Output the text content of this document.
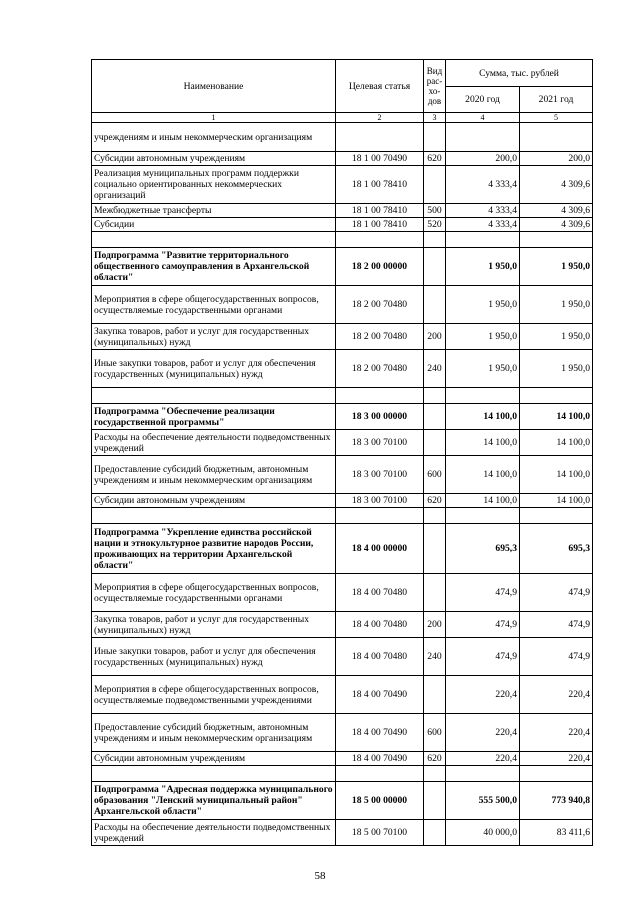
Наименование	Целевая статья	Вид рас-хо-дов	Сумма, тыс. рублей	
			2020 год	2021 год
1	2	3	4	5
учреждениям и иным некоммерческим организациям				
Субсидии автономным учреждениям	18 1 00 70490	620	200,0	200,0
Реализация муниципальных программ поддержки социально ориентированных некоммерческих организаций	18 1 00 78410		4 333,4	4 309,6
Межбюджетные трансферты	18 1 00 78410	500	4 333,4	4 309,6
Субсидии	18 1 00 78410	520	4 333,4	4 309,6

Подпрограмма "Развитие территориального общественного самоуправления в Архангельской области"	18 2 00 00000		1 950,0	1 950,0
Мероприятия в сфере общегосударственных вопросов, осуществляемые государственными органами	18 2 00 70480		1 950,0	1 950,0
Закупка товаров, работ и услуг для государственных (муниципальных) нужд	18 2 00 70480	200	1 950,0	1 950,0
Иные закупки товаров, работ и услуг для обеспечения государственных (муниципальных) нужд	18 2 00 70480	240	1 950,0	1 950,0

Подпрограмма "Обеспечение реализации государственной программы"	18 3 00 00000		14 100,0	14 100,0
Расходы на обеспечение деятельности подведомственных учреждений	18 3 00 70100		14 100,0	14 100,0
Предоставление субсидий бюджетным, автономным учреждениям и иным некоммерческим организациям	18 3 00 70100	600	14 100,0	14 100,0
Субсидии автономным учреждениям	18 3 00 70100	620	14 100,0	14 100,0

Подпрограмма "Укрепление единства российской нации и этнокультурное развитие народов России, проживающих на территории Архангельской области"	18 4 00 00000		695,3	695,3
Мероприятия в сфере общегосударственных вопросов, осуществляемые государственными органами	18 4 00 70480		474,9	474,9
Закупка товаров, работ и услуг для государственных (муниципальных) нужд	18 4 00 70480	200	474,9	474,9
Иные закупки товаров, работ и услуг для обеспечения государственных (муниципальных) нужд	18 4 00 70480	240	474,9	474,9
Мероприятия в сфере общегосударственных вопросов, осуществляемые подведомственными учреждениями	18 4 00 70490		220,4	220,4
Предоставление субсидий бюджетным, автономным учреждениям и иным некоммерческим организациям	18 4 00 70490	600	220,4	220,4
Субсидии автономным учреждениям	18 4 00 70490	620	220,4	220,4

Подпрограмма "Адресная поддержка муниципального образования "Ленский муниципальный район" Архангельской области"	18 5 00 00000		555 500,0	773 940,8
Расходы на обеспечение деятельности подведомственных учреждений	18 5 00 70100		40 000,0	83 411,6
58
